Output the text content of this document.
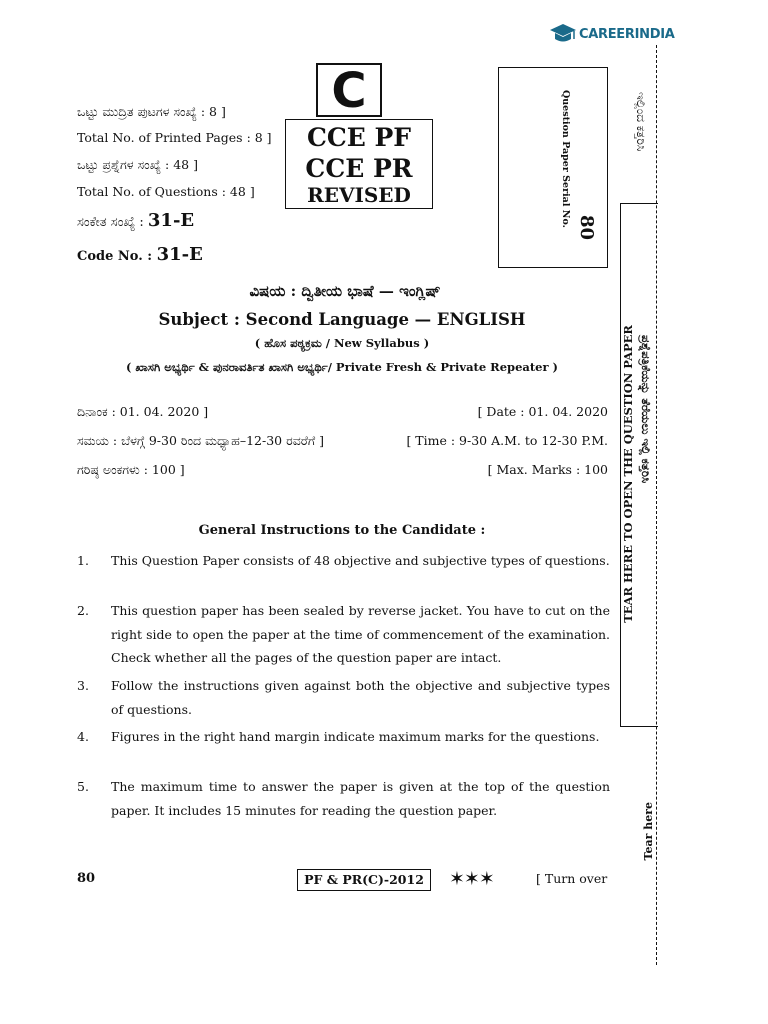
CAREERINDIA
ಒಟ್ಟು ಮುದ್ರಿತ ಪುಟಗಳ ಸಂಖ್ಯೆ : 8 ]
Total No. of Printed Pages : 8 ]
ಒಟ್ಟು ಪ್ರಶ್ನೆಗಳ ಸಂಖ್ಯೆ : 48 ]
Total No. of Questions : 48 ]
ಸಂಕೇತ ಸಂಖ್ಯೆ : 31-E
Code No. : 31-E
C
CCE PF
CCE PR
REVISED	Question Paper Serial No. 80
ಇಲ್ಲಿಂದ ಕತ್ತರಿಸಿ
TEAR HERE TO OPEN THE QUESTION PAPER ಪ್ರಶ್ನೆಪತ್ರಿಕೆಯನ್ನು ತೆರೆಯಲು ಇಲ್ಲಿ ಕತ್ತರಿಸಿ
Tear here
ವಿಷಯ : ದ್ವಿತೀಯ ಭಾಷೆ — ಇಂಗ್ಲಿಷ್
Subject : Second Language — ENGLISH
( ಹೊಸ ಪಠ್ಯಕ್ರಮ / New Syllabus )
( ಖಾಸಗಿ ಅಭ್ಯರ್ಥಿ & ಪುನರಾವರ್ತಿತ ಖಾಸಗಿ ಅಭ್ಯರ್ಥಿ/ Private Fresh & Private Repeater )
ದಿನಾಂಕ : 01. 04. 2020 ]	[ Date : 01. 04. 2020
ಸಮಯ : ಬೆಳಗ್ಗೆ 9-30 ರಿಂದ ಮಧ್ಯಾಹ–12-30 ರವರೆಗೆ ]	[ Time : 9-30 A.M. to 12-30 P.M.
ಗರಿಷ್ಠ ಅಂಕಗಳು : 100 ]	[ Max. Marks : 100
General Instructions to the Candidate :
1. This Question Paper consists of 48 objective and subjective types of questions.
2. This question paper has been sealed by reverse jacket. You have to cut on the right side to open the paper at the time of commencement of the examination. Check whether all the pages of the question paper are intact.
3. Follow the instructions given against both the objective and subjective types of questions.
4. Figures in the right hand margin indicate maximum marks for the questions.
5. The maximum time to answer the paper is given at the top of the question paper. It includes 15 minutes for reading the question paper.
80	PF & PR(C)-2012	✶✶✶	[ Turn over
